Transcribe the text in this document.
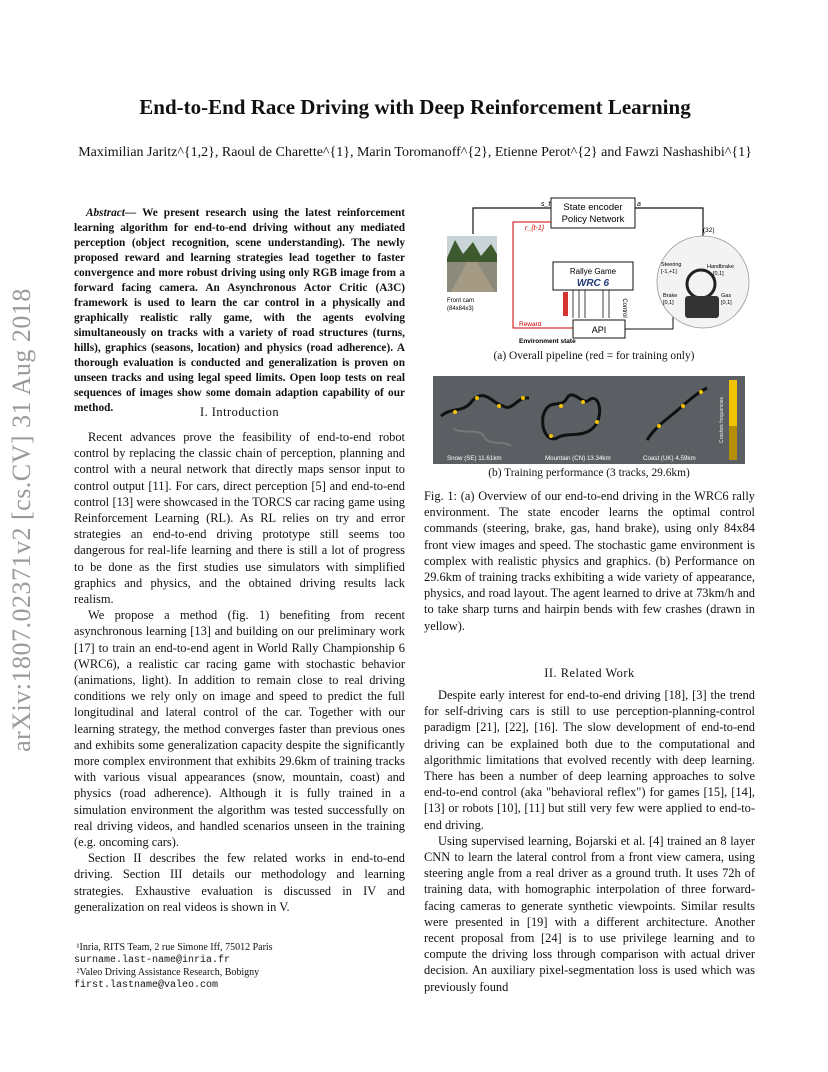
arXiv:1807.02371v2 [cs.CV] 31 Aug 2018
End-to-End Race Driving with Deep Reinforcement Learning
Maximilian Jaritz^{1,2}, Raoul de Charette^{1}, Marin Toromanoff^{2}, Etienne Perot^{2} and Fawzi Nashashibi^{1}

Abstract— We present research using the latest reinforcement learning algorithm for end-to-end driving without any mediated perception (object recognition, scene understanding). The newly proposed reward and learning strategies lead together to faster convergence and more robust driving using only RGB image from a forward facing camera. An Asynchronous Actor Critic (A3C) framework is used to learn the car control in a physically and graphically realistic rally game, with the agents evolving simultaneously on tracks with a variety of road structures (turns, hills), graphics (seasons, location) and physics (road adherence). A thorough evaluation is conducted and generalization is proven on unseen tracks and using legal speed limits. Open loop tests on real sequences of images show some domain adaption capability of our method.	I. Introduction

Recent advances prove the feasibility of end-to-end robot control by replacing the classic chain of perception, planning and control with a neural network that directly maps sensor input to control output [11]. For cars, direct perception [5] and end-to-end control [13] were showcased in the TORCS car racing game using Reinforcement Learning (RL). As RL relies on try and error strategies an end-to-end driving prototype still seems too dangerous for real-life learning and there is still a lot of progress to be done as the first studies use simulators with simplified graphics and physics, and the obtained driving results lack realism.

We propose a method (fig. 1) benefiting from recent asynchronous learning [13] and building on our preliminary work [17] to train an end-to-end agent in World Rally Championship 6 (WRC6), a realistic car racing game with stochastic behavior (animations, light). In addition to remain close to real driving conditions we rely only on image and speed to predict the full longitudinal and lateral control of the car. Together with our learning strategy, the method converges faster than previous ones and exhibits some generalization capacity despite the significantly more complex environment that exhibits 29.6km of training tracks with various visual appearances (snow, mountain, coast) and physics (road adherence). Although it is fully trained in a simulation environment the algorithm was tested successfully on real driving videos, and handled scenarios unseen in the training (e.g. oncoming cars).

Section II describes the few related works in end-to-end driving. Section III details our methodology and learning strategies. Exhaustive evaluation is discussed in IV and generalization on real videos is shown in V.

¹Inria, RITS Team, 2 rue Simone Iff, 75012 Paris
surname.last-name@inria.fr
²Valeo Driving Assistance Research, Bobigny
first.lastname@valeo.com
State encoder
Policy Network
s_t	a
r_{t-1}	(32)
Reward
Front cam
(84x84x3)
Rallye Game
WRC 6
Control
API
Environment state
Steering
[-1,+1]
Handbrake
[0,1]
Brake
[0,1]
Gas
[0,1]
(a) Overall pipeline (red = for training only)
Crashes frequencies
Snow (SE) 11.61km	Mountain (CN) 13.34km	Coast (UK) 4.59km
(b) Training performance (3 tracks, 29.6km)

Fig. 1: (a) Overview of our end-to-end driving in the WRC6 rally environment. The state encoder learns the optimal control commands (steering, brake, gas, hand brake), using only 84x84 front view images and speed. The stochastic game environment is complex with realistic physics and graphics. (b) Performance on 29.6km of training tracks exhibiting a wide variety of appearance, physics, and road layout. The agent learned to drive at 73km/h and to take sharp turns and hairpin bends with few crashes (drawn in yellow).

II. Related Work

Despite early interest for end-to-end driving [18], [3] the trend for self-driving cars is still to use perception-planning-control paradigm [21], [22], [16]. The slow development of end-to-end driving can be explained both due to the computational and algorithmic limitations that evolved recently with deep learning. There has been a number of deep learning approaches to solve end-to-end control (aka "behavioral reflex") for games [15], [14], [13] or robots [10], [11] but still very few were applied to end-to-end driving.

Using supervised learning, Bojarski et al. [4] trained an 8 layer CNN to learn the lateral control from a front view camera, using steering angle from a real driver as a ground truth. It uses 72h of training data, with homographic interpolation of three forward-facing cameras to generate synthetic viewpoints. Similar results were presented in [19] with a different architecture. Another recent proposal from [24] is to use privilege learning and to compute the driving loss through comparison with actual driver decision. An auxiliary pixel-segmentation loss is used which was previously found
